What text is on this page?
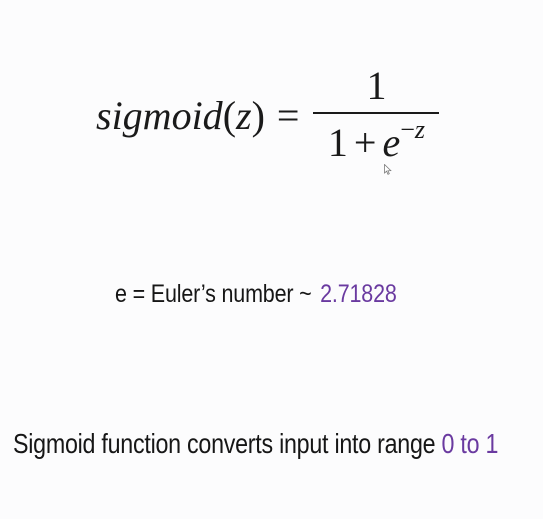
sigmoid(z) = $\frac{1}{1 + e^{-z}}$
e = Euler’s number ~ 2.71828
Sigmoid function converts input into range 0 to 1
